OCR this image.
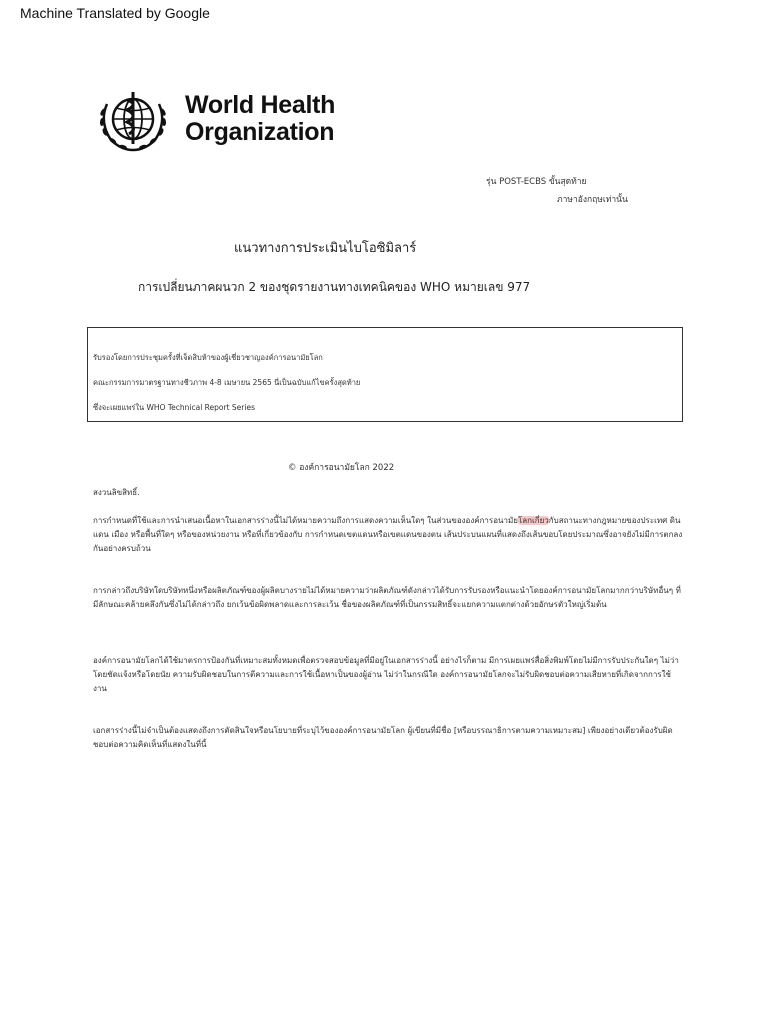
Machine Translated by Google
World Health
Organization
รุ่น POST-ECBS ขั้นสุดท้าย
ภาษาอังกฤษเท่านั้น
แนวทางการประเมินไบโอซิมิลาร์
การเปลี่ยนภาคผนวก 2 ของชุดรายงานทางเทคนิคของ WHO หมายเลข 977
รับรองโดยการประชุมครั้งที่เจ็ดสิบห้าของผู้เชี่ยวชาญองค์การอนามัยโลก
คณะกรรมการมาตรฐานทางชีวภาพ 4-8 เมษายน 2565 นี่เป็นฉบับแก้ไขครั้งสุดท้าย
ซึ่งจะเผยแพร่ใน WHO Technical Report Series
© องค์การอนามัยโลก 2022
สงวนลิขสิทธิ์.
การกำหนดที่ใช้และการนำเสนอเนื้อหาในเอกสารร่างนี้ไม่ได้หมายความถึงการแสดงความเห็นใดๆ ในส่วนขององค์การอนามัยโลกเกี่ยวกับสถานะทางกฎหมายของประเทศ ดินแดน เมือง หรือพื้นที่ใดๆ หรือของหน่วยงาน หรือที่เกี่ยวข้องกับ การกำหนดเขตแดนหรือเขตแดนของตน เส้นประบนแผนที่แสดงถึงเส้นขอบโดยประมาณซึ่งอาจยังไม่มีการตกลงกันอย่างครบถ้วน
การกล่าวถึงบริษัทใดบริษัทหนึ่งหรือผลิตภัณฑ์ของผู้ผลิตบางรายไม่ได้หมายความว่าผลิตภัณฑ์ดังกล่าวได้รับการรับรองหรือแนะนำโดยองค์การอนามัยโลกมากกว่าบริษัทอื่นๆ ที่มีลักษณะคล้ายคลึงกันซึ่งไม่ได้กล่าวถึง ยกเว้นข้อผิดพลาดและการละเว้น ชื่อของผลิตภัณฑ์ที่เป็นกรรมสิทธิ์จะแยกความแตกต่างด้วยอักษรตัวใหญ่เริ่มต้น
องค์การอนามัยโลกได้ใช้มาตรการป้องกันที่เหมาะสมทั้งหมดเพื่อตรวจสอบข้อมูลที่มีอยู่ในเอกสารร่างนี้ อย่างไรก็ตาม มีการเผยแพร่สื่อสิ่งพิมพ์โดยไม่มีการรับประกันใดๆ ไม่ว่าโดยชัดแจ้งหรือโดยนัย ความรับผิดชอบในการตีความและการใช้เนื้อหาเป็นของผู้อ่าน ไม่ว่าในกรณีใด องค์การอนามัยโลกจะไม่รับผิดชอบต่อความเสียหายที่เกิดจากการใช้งาน
เอกสารร่างนี้ไม่จำเป็นต้องแสดงถึงการตัดสินใจหรือนโยบายที่ระบุไว้ขององค์การอนามัยโลก ผู้เขียนที่มีชื่อ [หรือบรรณาธิการตามความเหมาะสม] เพียงอย่างเดียวต้องรับผิดชอบต่อความคิดเห็นที่แสดงในที่นี้
